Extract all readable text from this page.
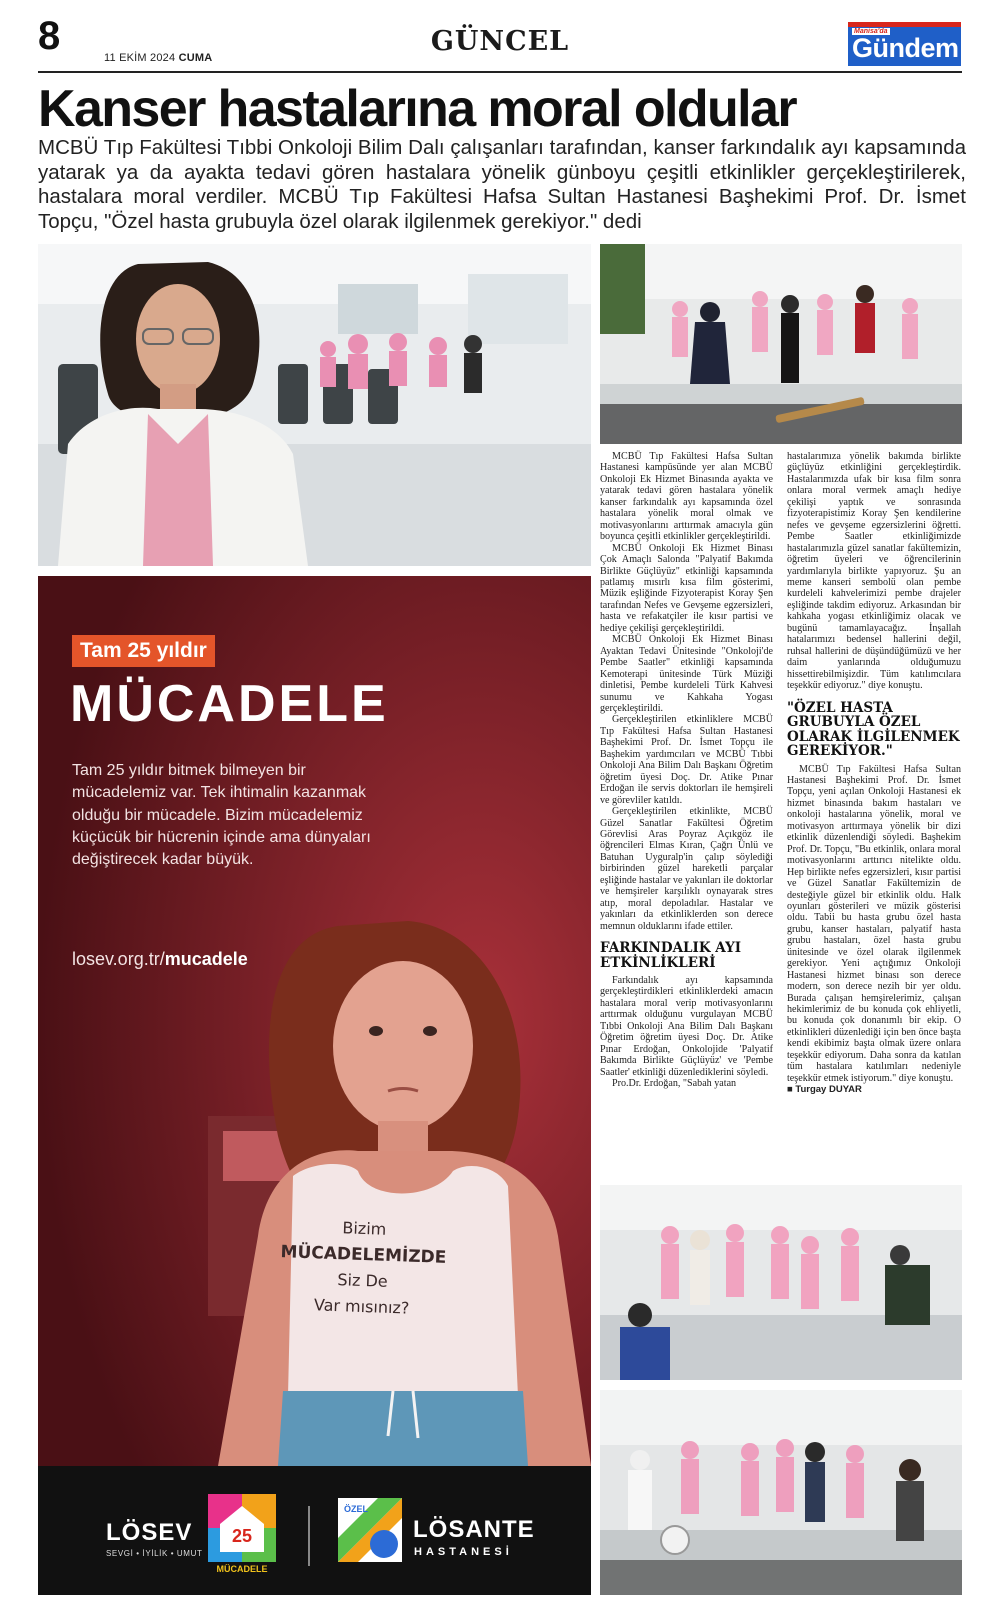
8	11 EKİM 2024 CUMA
GÜNCEL	Manisa'da
Gündem
Kanser hastalarına moral oldular
MCBÜ Tıp Fakültesi Tıbbi Onkoloji Bilim Dalı çalışanları tarafından, kanser farkındalık ayı kapsamında yatarak ya da ayakta tedavi gören hastalara yönelik günboyu çeşitli etkinlikler gerçekleştirilerek, hastalara moral verdiler. MCBÜ Tıp Fakültesi Hafsa Sultan Hastanesi Başhekimi Prof. Dr. İsmet Topçu, "Özel hasta grubuyla özel olarak ilgilenmek gerekiyor." dedi

MCBÜ Tıp Fakültesi Hafsa Sultan Hastanesi kampüsünde yer alan MCBÜ Onkoloji Ek Hizmet Binasında ayakta ve yatarak tedavi gören hastalara yönelik kanser farkındalık ayı kapsamında özel hastalara yönelik moral olmak ve motivasyonlarını arttırmak amacıyla gün boyunca çeşitli etkinlikler gerçekleştirildi.

MCBÜ Onkoloji Ek Hizmet Binası Çok Amaçlı Salonda "Palyatif Bakımda Birlikte Güçlüyüz" etkinliği kapsamında patlamış mısırlı kısa film gösterimi, Müzik eşliğinde Fizyoterapist Koray Şen tarafından Nefes ve Gevşeme egzersizleri, hasta ve refakatçiler ile kısır partisi ve hediye çekilişi gerçekleştirildi.

MCBÜ Onkoloji Ek Hizmet Binası Ayaktan Tedavi Ünitesinde "Onkoloji'de Pembe Saatler" etkinliği kapsamında Kemoterapi ünitesinde Türk Müziği dinletisi, Pembe kurdeleli Türk Kahvesi sunumu ve Kahkaha Yogası gerçekleştirildi.

Gerçekleştirilen etkinliklere MCBÜ Tıp Fakültesi Hafsa Sultan Hastanesi Başhekimi Prof. Dr. İsmet Topçu ile Başhekim yardımcıları ve MCBÜ Tıbbi Onkoloji Ana Bilim Dalı Başkanı Öğretim öğretim üyesi Doç. Dr. Atike Pınar Erdoğan ile servis doktorları ile hemşireli ve görevliler katıldı.

Gerçekleştirilen etkinlikte, MCBÜ Güzel Sanatlar Fakültesi Öğretim Görevlisi Aras Poyraz Açıkgöz ile öğrencileri Elmas Kıran, Çağrı Ünlü ve Batuhan Uyguralp'in çalıp söylediği birbirinden güzel hareketli parçalar eşliğinde hastalar ve yakınları ile doktorlar ve hemşireler karşılıklı oynayarak stres atıp, moral depoladılar. Hastalar ve yakınları da etkinliklerden son derece memnun olduklarını ifade ettiler.

FARKINDALIK AYI ETKİNLİKLERİ

Farkındalık ayı kapsamında gerçekleştirdikleri etkinliklerdeki amacın hastalara moral verip motivasyonlarını arttırmak olduğunu vurgulayan MCBÜ Tıbbi Onkoloji Ana Bilim Dalı Başkanı Öğretim öğretim üyesi Doç. Dr. Atike Pınar Erdoğan, Onkolojide 'Palyatif Bakımda Birlikte Güçlüyüz' ve 'Pembe Saatler' etkinliği düzenlediklerini söyledi.

Pro.Dr. Erdoğan, "Sabah yatan

hastalarımıza yönelik bakımda birlikte güçlüyüz etkinliğini gerçekleştirdik. Hastalarımızda ufak bir kısa film sonra onlara moral vermek amaçlı hediye çekilişi yaptık ve sonrasında fizyoterapistimiz Koray Şen kendilerine nefes ve gevşeme egzersizlerini öğretti. Pembe Saatler etkinliğimizde hastalarımızla güzel sanatlar fakültemizin, öğretim üyeleri ve öğrencilerinin yardımlarıyla birlikte yapıyoruz. Şu an meme kanseri sembolü olan pembe kurdeleli kahvelerimizi pembe drajeler eşliğinde takdim ediyoruz. Arkasından bir kahkaha yogası etkinliğimiz olacak ve bugünü tamamlayacağız. İnşallah hatalarımızı bedensel hallerini değil, ruhsal hallerini de düşündüğümüzü ve her daim yanlarında olduğumuzu hissettirebilmişizdir. Tüm katılımcılara teşekkür ediyoruz." diye konuştu.

"ÖZEL HASTA GRUBUYLA ÖZEL OLARAK İLGİLENMEK GEREKİYOR."

MCBÜ Tıp Fakültesi Hafsa Sultan Hastanesi Başhekimi Prof. Dr. İsmet Topçu, yeni açılan Onkoloji Hastanesi ek hizmet binasında bakım hastaları ve onkoloji hastalarına yönelik, moral ve motivasyon arttırmaya yönelik bir dizi etkinlik düzenlendiği söyledi. Başhekim Prof. Dr. Topçu, "Bu etkinlik, onlara moral motivasyonlarını arttırıcı nitelikte oldu. Hep birlikte nefes egzersizleri, kısır partisi ve Güzel Sanatlar Fakültemizin de desteğiyle güzel bir etkinlik oldu. Halk oyunları gösterileri ve müzik gösterisi oldu. Tabii bu hasta grubu özel hasta grubu, kanser hastaları, palyatif hasta grubu hastaları, özel hasta grubu ünitesinde ve özel olarak ilgilenmek gerekiyor. Yeni açtığımız Onkoloji Hastanesi hizmet binası son derece modern, son derece nezih bir yer oldu. Burada çalışan hemşirelerimiz, çalışan hekimlerimiz de bu konuda çok ehliyetli, bu konuda çok donanımlı bir ekip. O etkinlikleri düzenlediği için ben önce başta kendi ekibimiz başta olmak üzere onlara teşekkür ediyorum. Daha sonra da katılan tüm hastalara katılımları nedeniyle teşekkür etmek istiyorum." diye konuştu.

■ Turgay DUYAR
Tam 25 yıldır
MÜCADELE
Tam 25 yıldır bitmek bilmeyen bir mücadelemiz var. Tek ihtimalin kazanmak olduğu bir mücadele. Bizim mücadelemiz küçücük bir hücrenin içinde ama dünyaları değiştirecek kadar büyük.
losev.org.tr/mucadele
Bizim
MÜCADELEMİZDE
Siz De
Var mısınız?
LÖSEV
SEVGİ • İYİLİK • UMUT
25
MÜCADELE
ÖZEL
LÖSANTE
HASTANESİ
